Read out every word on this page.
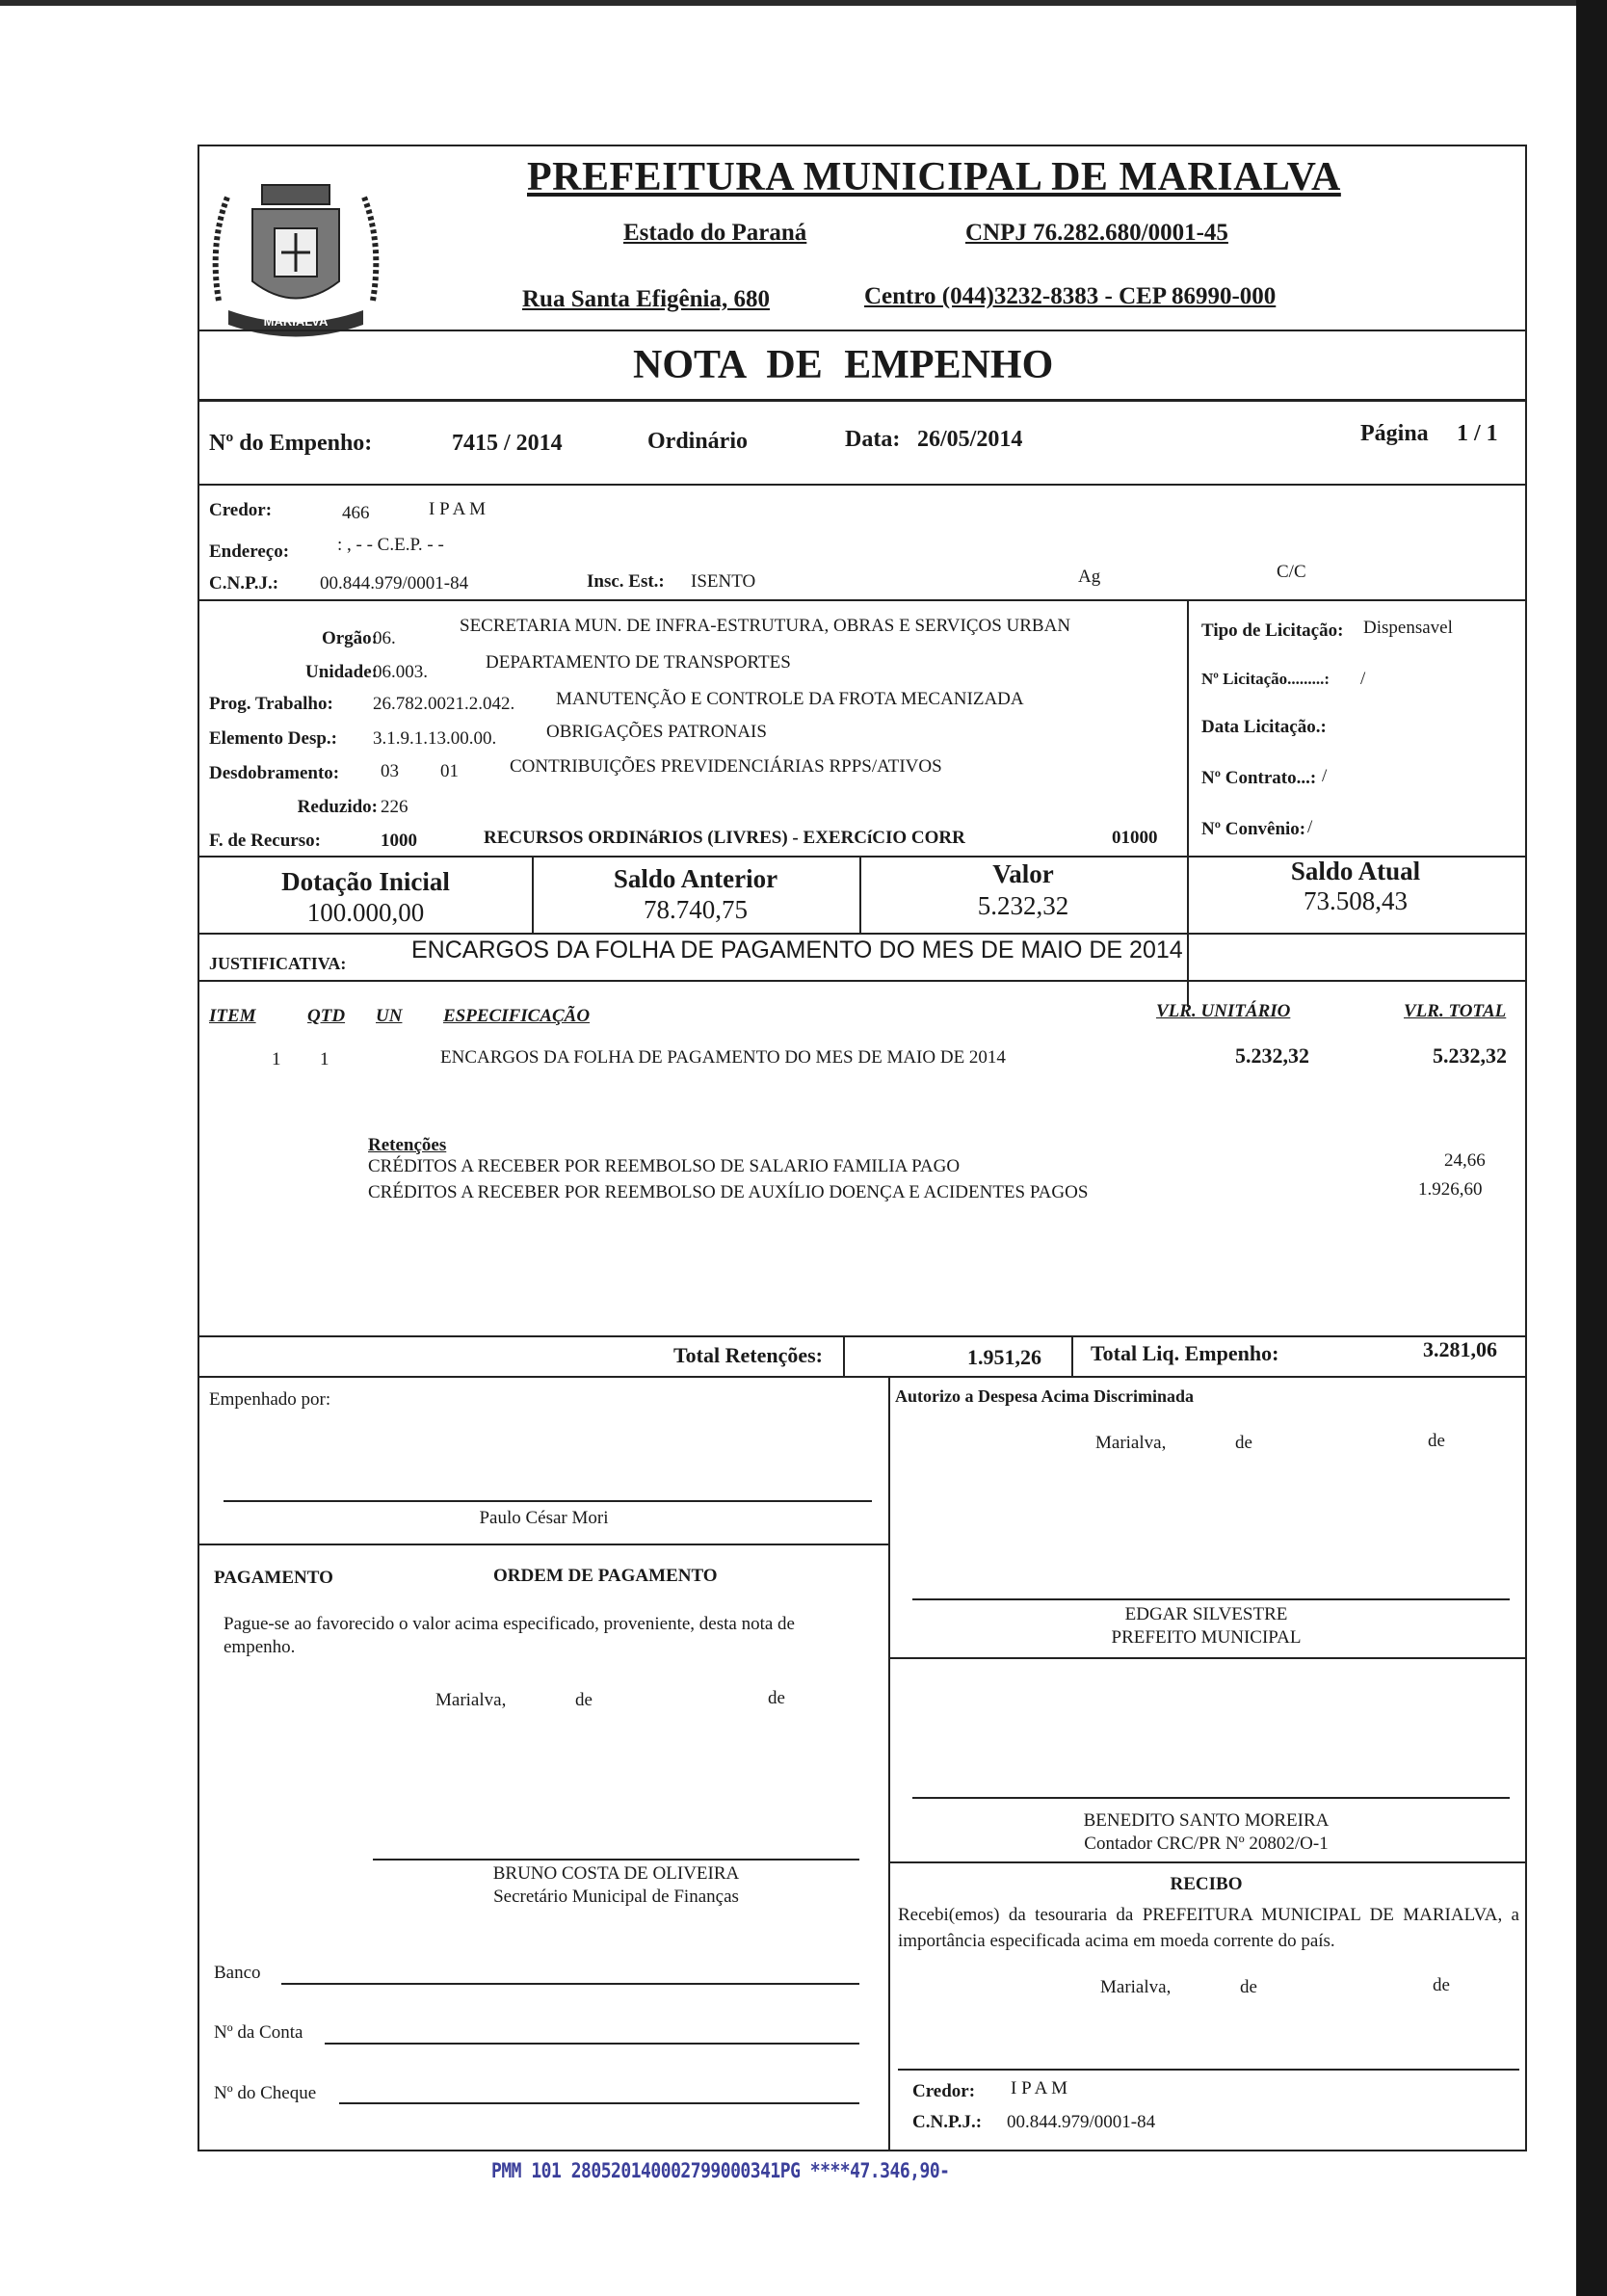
MARIALVA
PREFEITURA MUNICIPAL DE MARIALVA
Estado do Paraná	CNPJ 76.282.680/0001-45
Rua Santa Efigênia, 680	Centro (044)3232-8383 - CEP 86990-000
NOTA DE EMPENHO
Nº do Empenho:	7415 / 2014	Ordinário	Data: 26/05/2014	Página 1 / 1
Credor:	466	I P A M
Endereço:	: , - - C.E.P. - -
C.N.P.J.: 00.844.979/0001-84	Insc. Est.: ISENTO	Ag	C/C
Orgão:
06.
SECRETARIA MUN. DE INFRA-ESTRUTURA, OBRAS E SERVIÇOS URBAN
Unidade:
06.003.	DEPARTAMENTO DE TRANSPORTES
Prog. Trabalho: 26.782.0021.2.042. MANUTENÇÃO E CONTROLE DA FROTA MECANIZADA
Elemento Desp.: 3.1.9.1.13.00.00.	OBRIGAÇÕES PATRONAIS
Desdobramento: 03 01	CONTRIBUIÇÕES PREVIDENCIÁRIAS RPPS/ATIVOS
Reduzido: 226
F. de Recurso:	1000	RECURSOS ORDINáRIOS (LIVRES) - EXERCíCIO CORR	01000
Tipo de Licitação: Dispensavel
Nº Licitação.........: /
Data Licitação.:
Nº Contrato...: /
Nº Convênio: /
Dotação Inicial
100.000,00
Saldo Anterior
78.740,75
Valor
5.232,32
Saldo Atual
73.508,43
JUSTIFICATIVA:	ENCARGOS DA FOLHA DE PAGAMENTO DO MES DE MAIO DE 2014
ITEM	QTD UN ESPECIFICAÇÃO	VLR. UNITÁRIO	VLR. TOTAL
1 1	ENCARGOS DA FOLHA DE PAGAMENTO DO MES DE MAIO DE 2014	5.232,32	5.232,32
Retenções
CRÉDITOS A RECEBER POR REEMBOLSO DE SALARIO FAMILIA PAGO	24,66
CRÉDITOS A RECEBER POR REEMBOLSO DE AUXÍLIO DOENÇA E ACIDENTES PAGOS	1.926,60
Total Retenções:	1.951,26 Total Liq. Empenho:	3.281,06
Empenhado por:
Paulo César Mori
PAGAMENTO	ORDEM DE PAGAMENTO
Pague-se ao favorecido o valor acima especificado, proveniente, desta nota de empenho.
Marialva,	de	de
BRUNO COSTA DE OLIVEIRA
Secretário Municipal de Finanças
Banco
Nº da Conta
Nº do Cheque
Autorizo a Despesa Acima Discriminada
Marialva,	de	de
EDGAR SILVESTRE
PREFEITO MUNICIPAL
BENEDITO SANTO MOREIRA
Contador CRC/PR Nº 20802/O-1
RECIBO
Recebi(emos) da tesouraria da PREFEITURA MUNICIPAL DE MARIALVA, a importância especificada acima em moeda corrente do país.
Marialva,	de	de
Credor: I P A M
C.N.P.J.: 00.844.979/0001-84
PMM 101 280520140002799000341PG ****47.346,90-
